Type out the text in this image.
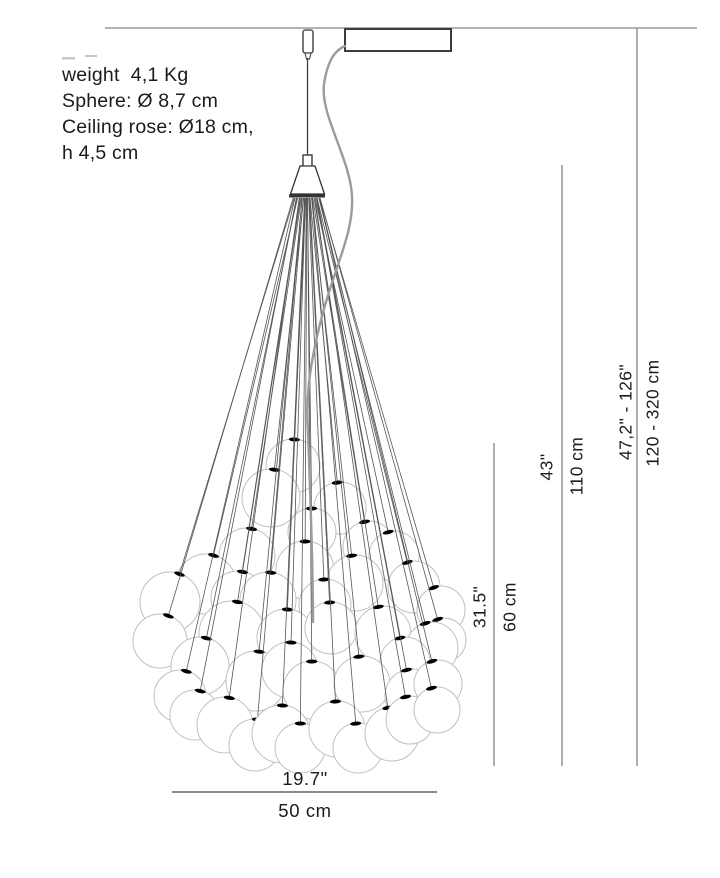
weight  4,1 Kg
Sphere: Ø 8,7 cm
Ceiling rose: Ø18 cm,
h 4,5 cm
31.5" 60 cm
43" 110 cm
47,2" - 126" 120 - 320 cm
19.7"
50 cm
